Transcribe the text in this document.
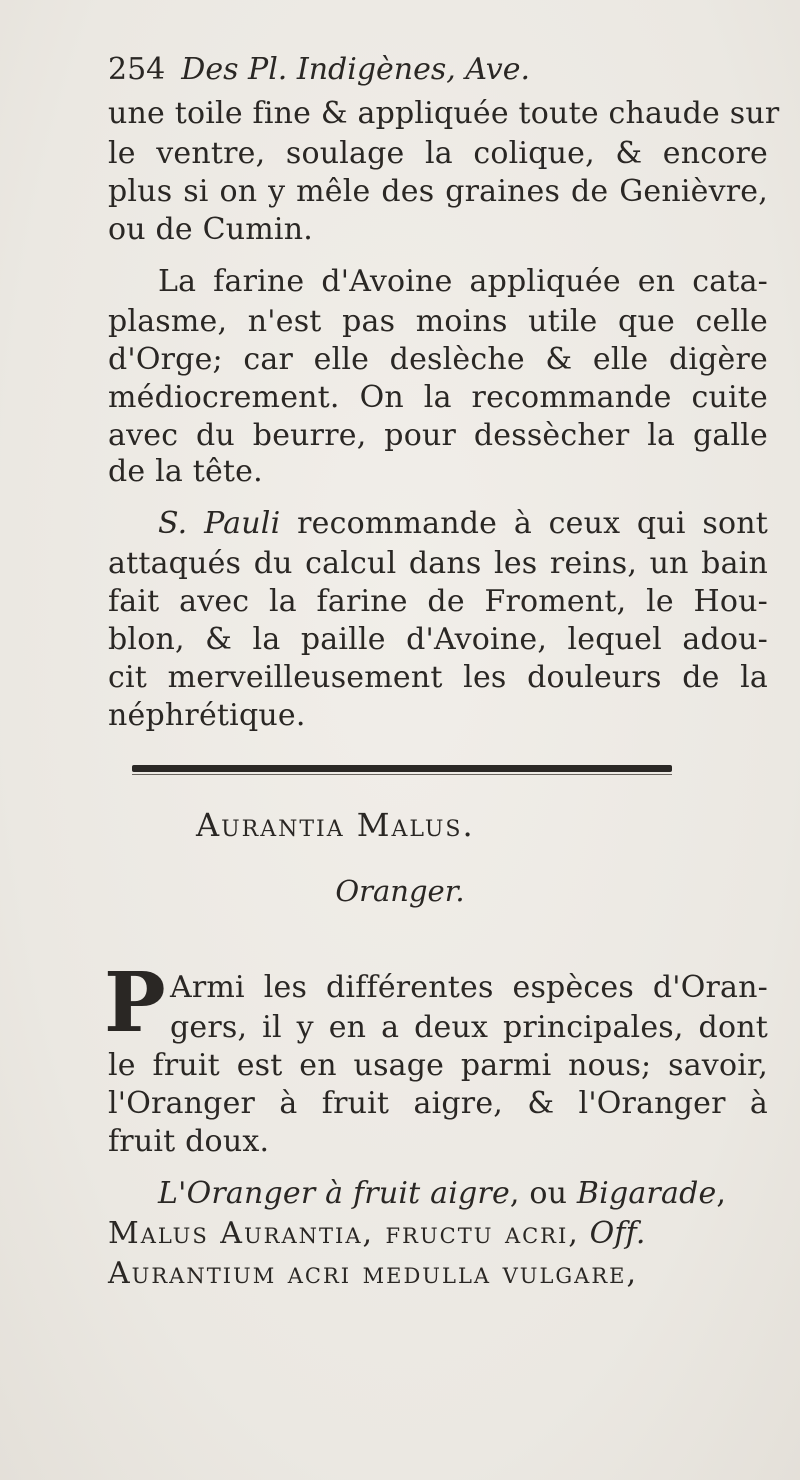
254 Des Pl. Indigènes, Ave.
une toile fine & appliquée toute chaude sur
le ventre, soulage la colique, & encore
plus si on y mêle des graines de Genièvre,
ou de Cumin.
La farine d'Avoine appliquée en cata-
plasme, n'est pas moins utile que celle
d'Orge; car elle deslèche & elle digère
médiocrement. On la recommande cuite
avec du beurre, pour dessècher la galle
de la tête.
S. Pauli recommande à ceux qui sont
attaqués du calcul dans les reins, un bain
fait avec la farine de Froment, le Hou-
blon, & la paille d'Avoine, lequel adou-
cit merveilleusement les douleurs de la
néphrétique.
Aurantia Malus.
Oranger.
P Armi les différentes espèces d'Oran-
gers, il y en a deux principales, dont
le fruit est en usage parmi nous; savoir,
l'Oranger à fruit aigre, & l'Oranger à
fruit doux.
L'Oranger à fruit aigre, ou Bigarade,
Malus Aurantia, fructu acri, Off.
Aurantium acri medulla vulgare,
